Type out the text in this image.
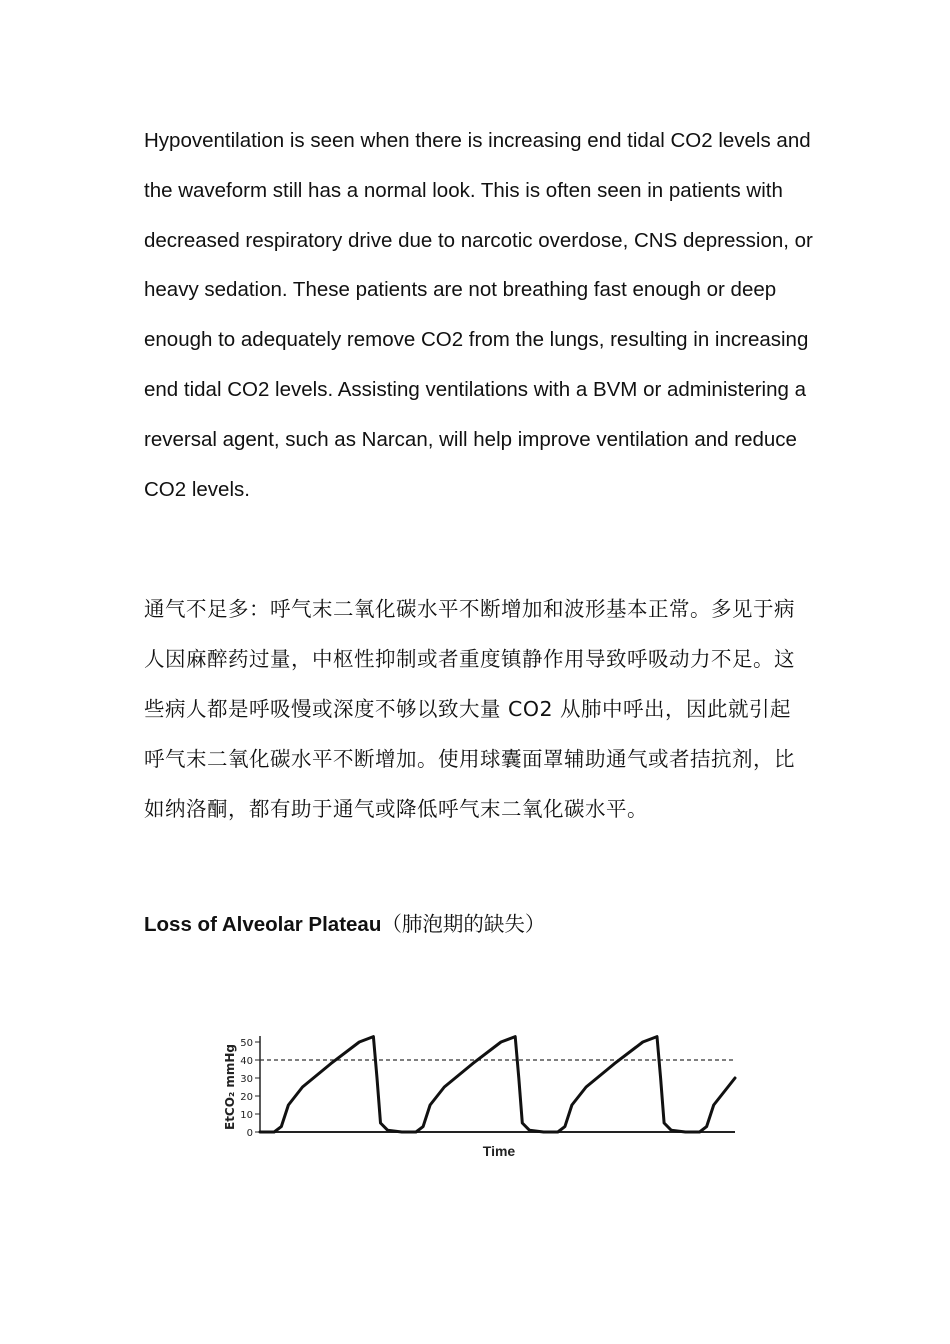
Hypoventilation is seen when there is increasing end tidal CO2 levels and the waveform still has a normal look. This is often seen in patients with decreased respiratory drive due to narcotic overdose, CNS depression, or heavy sedation. These patients are not breathing fast enough or deep enough to adequately remove CO2 from the lungs, resulting in increasing end tidal CO2 levels. Assisting ventilations with a BVM or administering a reversal agent, such as Narcan, will help improve ventilation and reduce CO2 levels.

通气不足多：呼气末二氧化碳水平不断增加和波形基本正常。多见于病人因麻醉药过量，中枢性抑制或者重度镇静作用导致呼吸动力不足。这些病人都是呼吸慢或深度不够以致大量 CO2 从肺中呼出，因此就引起呼气末二氧化碳水平不断增加。使用球囊面罩辅助通气或者拮抗剂，比如纳洛酮，都有助于通气或降低呼气末二氧化碳水平。

Loss of Alveolar Plateau（肺泡期的缺失）
0
10
20
30
40
50
EtCO₂ mmHg
Time
